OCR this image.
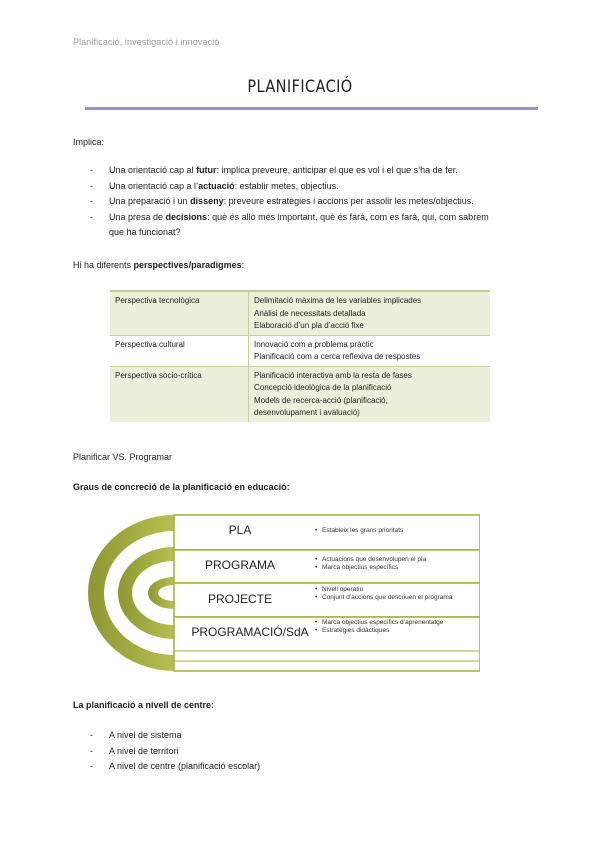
Planificació, investigació i innovació
PLANIFICACIÓ
Implica:
- Una orientació cap al futur: implica preveure, anticipar el que es vol i el que s’ha de fer.
- Una orientació cap a l’actuació: establir metes, objectius.
- Una preparació i un disseny: preveure estratègies i accions per assolir les metes/objectius.
- Una presa de decisions: què és allò més important, què és farà, com es farà, qui, com sabrem
que ha funcionat?
Hi ha diferents perspectives/paradigmes:
Perspectiva tecnològica	Delimitació màxima de les variables implicades
Anàlisi de necessitats detallada
Elaboració d’un pla d’acció fixe

Perspectiva cultural	Innovació com a problema pràctic
Planificació com a cerca reflexiva de respostes

Perspectiva socio-crítica	Planificació interactiva amb la resta de fases
Concepció ideològica de la planificació
Models de recerca-acció (planificació,
desenvolupament i avaluació)
Planificar VS. Programar
Graus de concreció de la planificació en educació:
PLA	• Estableix les grans prioritats
PROGRAMA	• Actuacions que desenvolupen el pla
• Marca objectius específics
PROJECTE
• Nivell operatiu
• Conjunt d’accions que descriuen el programa
PROGRAMACIÓ/SdA
• Marca objectius específics d’aprenentatge
• Estratègies didàctiques
La planificació a nivell de centre:
- A nivel de sistema
- A nivel de territori
- A nivel de centre (planificació escolar)
